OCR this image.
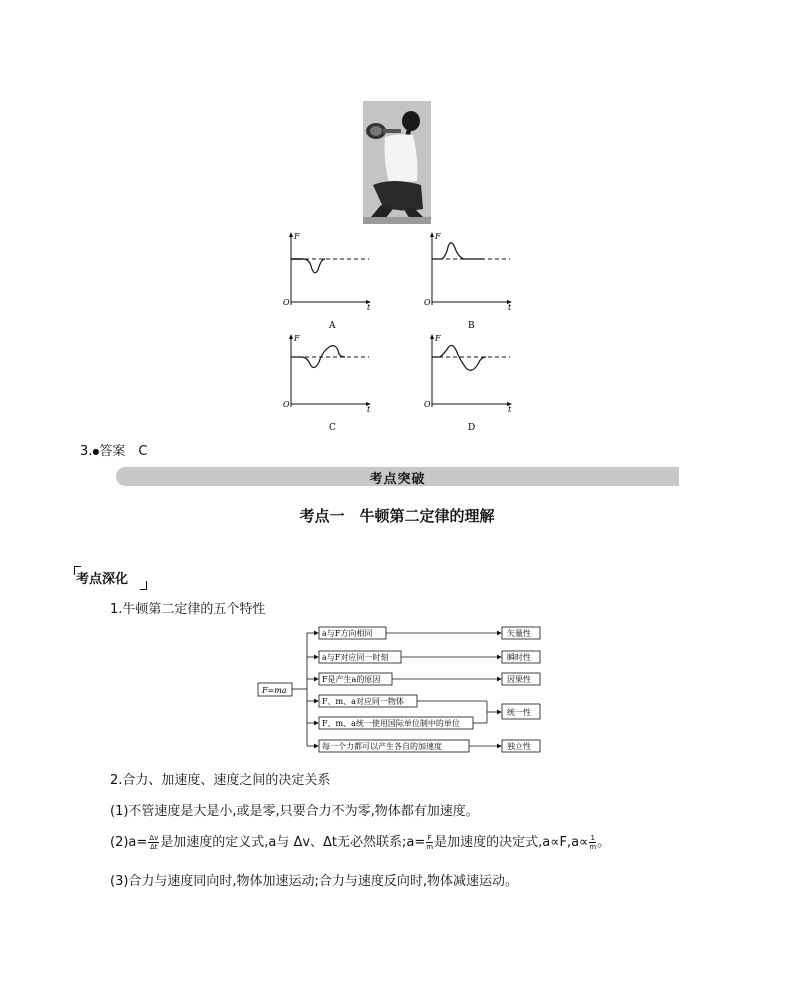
F
t
O
A
F
t
O
B
F
t
O
C
F
t
O
D
3.●答案　C
考点突破
考点一　牛顿第二定律的理解
考点深化
1.牛顿第二定律的五个特性
F=ma
a与F方向相同
a与F对应同一时刻
F是产生a的原因
F、m、a对应同一物体
F、m、a统一使用国际单位制中的单位
每一个力都可以产生各自的加速度
矢量性
瞬时性
因果性
统一性
独立性
2.合力、加速度、速度之间的决定关系
(1)不管速度是大是小,或是零,只要合力不为零,物体都有加速度。
$(2)a= \frac{\Delta v}{\Delta t}$ 是加速度的定义式,a与 Δv、Δt无必然联系;a= $\frac{F}{m}$ 是加速度的决定式$,a\propto F,a\propto \frac{1}{m}$ 。
(3)合力与速度同向时,物体加速运动;合力与速度反向时,物体减速运动。
